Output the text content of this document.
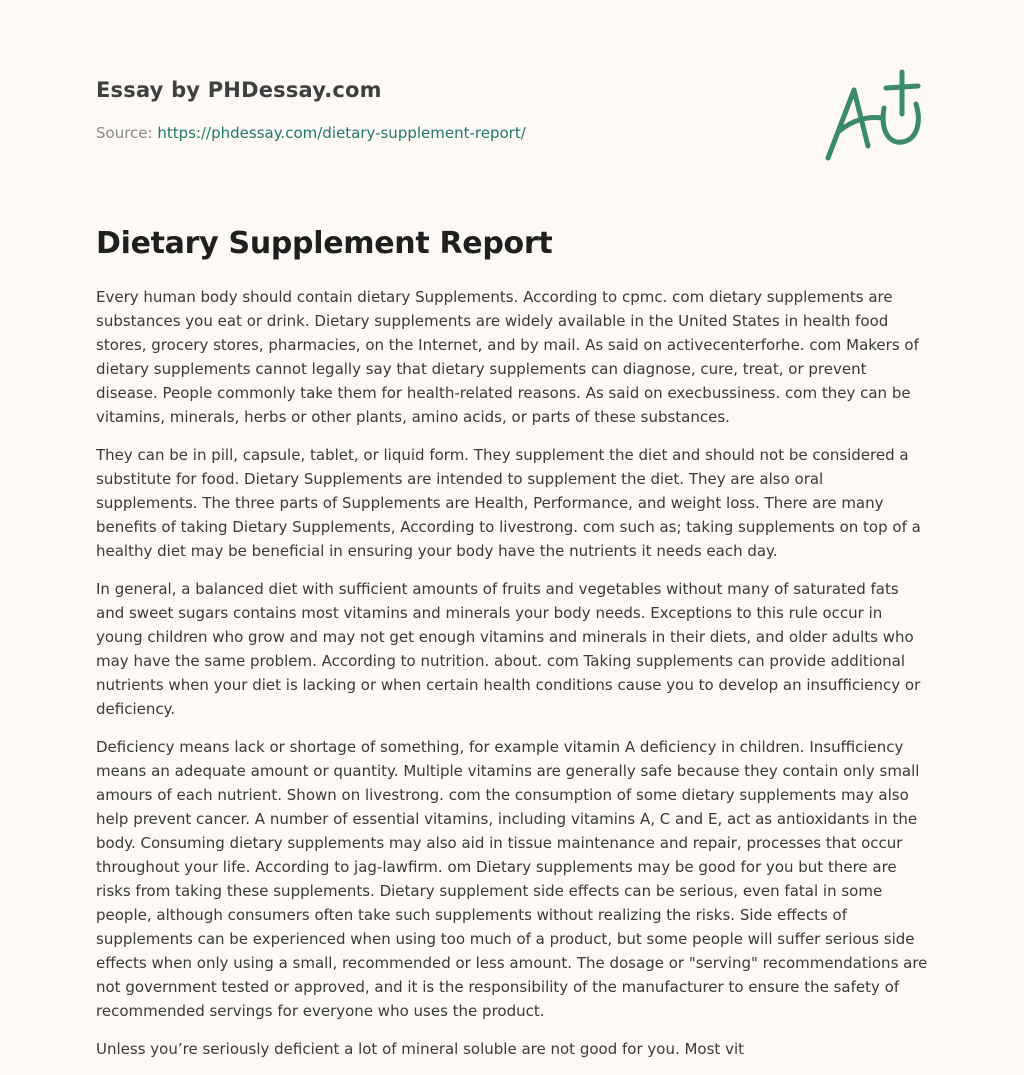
Essay by PHDessay.com

Source: https://phdessay.com/dietary-supplement-report/

Dietary Supplement Report

Every human body should contain dietary Supplements. According to cpmc. com dietary supplements are substances you eat or drink. Dietary supplements are widely available in the United States in health food stores, grocery stores, pharmacies, on the Internet, and by mail. As said on activecenterforhe. com Makers of dietary supplements cannot legally say that dietary supplements can diagnose, cure, treat, or prevent disease. People commonly take them for health-related reasons. As said on execbussiness. com they can be vitamins, minerals, herbs or other plants, amino acids, or parts of these substances.

They can be in pill, capsule, tablet, or liquid form. They supplement the diet and should not be considered a substitute for food. Dietary Supplements are intended to supplement the diet. They are also oral supplements. The three parts of Supplements are Health, Performance, and weight loss. There are many benefits of taking Dietary Supplements, According to livestrong. com such as; taking supplements on top of a healthy diet may be beneficial in ensuring your body have the nutrients it needs each day.

In general, a balanced diet with sufficient amounts of fruits and vegetables without many of saturated fats and sweet sugars contains most vitamins and minerals your body needs. Exceptions to this rule occur in young children who grow and may not get enough vitamins and minerals in their diets, and older adults who may have the same problem. According to nutrition. about. com Taking supplements can provide additional nutrients when your diet is lacking or when certain health conditions cause you to develop an insufficiency or deficiency.

Deficiency means lack or shortage of something, for example vitamin A deficiency in children. Insufficiency means an adequate amount or quantity. Multiple vitamins are generally safe because they contain only small amours of each nutrient. Shown on livestrong. com the consumption of some dietary supplements may also help prevent cancer. A number of essential vitamins, including vitamins A, C and E, act as antioxidants in the body. Consuming dietary supplements may also aid in tissue maintenance and repair, processes that occur throughout your life. According to jag-lawfirm. om Dietary supplements may be good for you but there are risks from taking these supplements. Dietary supplement side effects can be serious, even fatal in some people, although consumers often take such supplements without realizing the risks. Side effects of supplements can be experienced when using too much of a product, but some people will suffer serious side effects when only using a small, recommended or less amount. The dosage or "serving" recommendations are not government tested or approved, and it is the responsibility of the manufacturer to ensure the safety of recommended servings for everyone who uses the product.

Unless you’re seriously deficient a lot of mineral soluble are not good for you. Most vit
